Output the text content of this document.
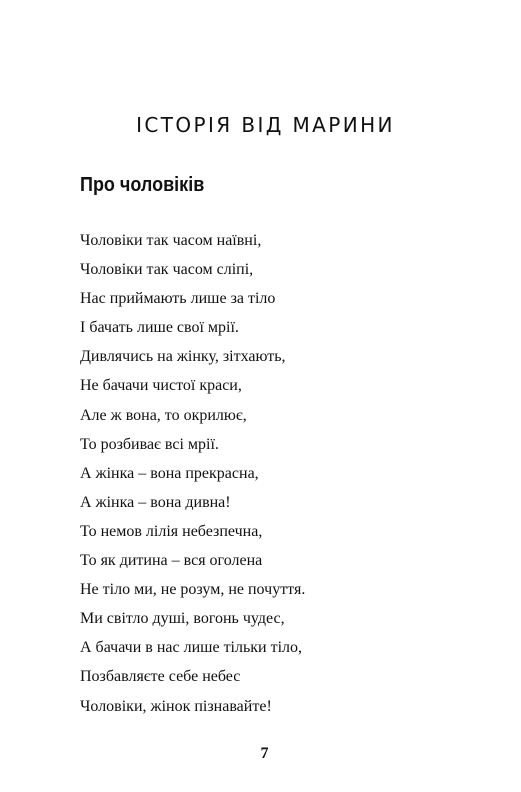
ІСТОРІЯ ВІД МАРИНИ
Про чоловіків
Чоловіки так часом наївні,
Чоловіки так часом сліпі,
Нас приймають лише за тіло
І бачать лише свої мрії.
Дивлячись на жінку, зітхають,
Не бачачи чистої краси,
Але ж вона, то окрилює,
То розбиває всі мрії.
А жінка – вона прекрасна,
А жінка – вона дивна!
То немов лілія небезпечна,
То як дитина – вся оголена
Не тіло ми, не розум, не почуття.
Ми світло душі, вогонь чудес,
А бачачи в нас лише тільки тіло,
Позбавляєте себе небес
Чоловіки, жінок пізнавайте!
7
